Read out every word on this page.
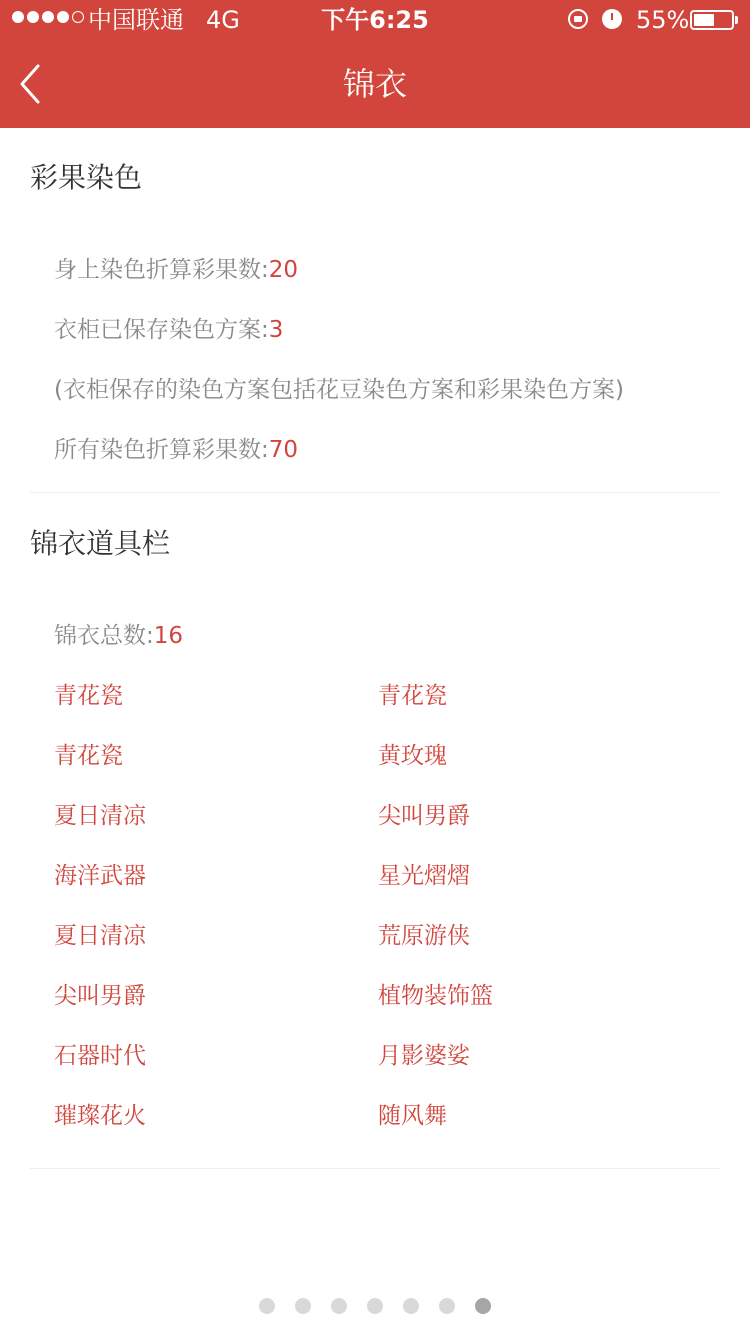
中国联通 4G	下午6:25	55%
锦衣
彩果染色
身上染色折算彩果数:20
衣柜已保存染色方案:3
(衣柜保存的染色方案包括花豆染色方案和彩果染色方案)
所有染色折算彩果数:70
锦衣道具栏
锦衣总数:16
青花瓷	青花瓷
青花瓷	黄玫瑰
夏日清凉	尖叫男爵
海洋武器	星光熠熠
夏日清凉	荒原游侠
尖叫男爵	植物装饰篮
石器时代	月影婆娑
璀璨花火	随风舞
